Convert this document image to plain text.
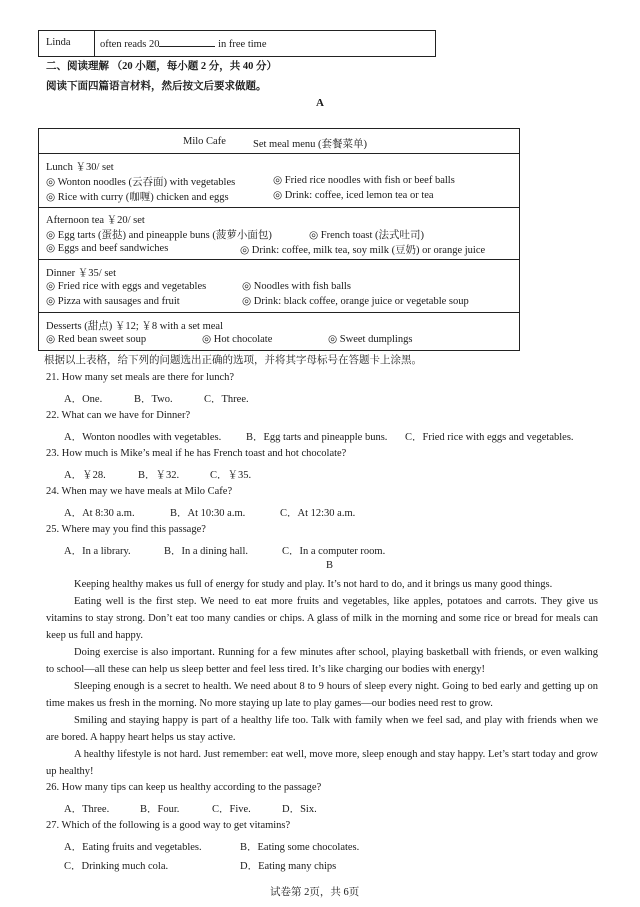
Linda	often reads 20	in free time
二、阅读理解 （20 小题，每小题 2 分，共 40 分）
阅读下面四篇语言材料，然后按文后要求做题。
A
Milo Cafe	Set meal menu (套餐菜单)
Lunch ￥30/ set
◎ Wonton noodles (云吞面) with vegetables	◎ Fried rice noodles with fish or beef balls
◎ Rice with curry (咖喱) chicken and eggs	◎ Drink: coffee, iced lemon tea or tea
Afternoon tea ￥20/ set
◎ Egg tarts (蛋挞) and pineapple buns (菠萝小面包)	◎ French toast (法式吐司)
◎ Eggs and beef sandwiches	◎ Drink: coffee, milk tea, soy milk (豆奶) or orange juice
Dinner ￥35/ set
◎ Fried rice with eggs and vegetables	◎ Noodles with fish balls
◎ Pizza with sausages and fruit	◎ Drink: black coffee, orange juice or vegetable soup
Desserts (甜点) ￥12; ￥8 with a set meal
◎ Red bean sweet soup	◎ Hot chocolate	◎ Sweet dumplings
根据以上表格，给下列的问题选出正确的选项，并将其字母标号在答题卡上涂黑。
21. How many set meals are there for lunch?
A．One.	B．Two.	C．Three.
22. What can we have for Dinner?
A．Wonton noodles with vegetables. B．Egg tarts and pineapple buns. C．Fried rice with eggs and vegetables.
23. How much is Mike’s meal if he has French toast and hot chocolate?
A．￥28.	B．￥32.	C．￥35.
24. When may we have meals at Milo Cafe?
A．At 8:30 a.m.	B．At 10:30 a.m.	C．At 12:30 a.m.
25. Where may you find this passage?
A．In a library.	B．In a dining hall.	C．In a computer room.
B

Keeping healthy makes us full of energy for study and play. It’s not hard to do, and it brings us many good things.

Eating well is the first step. We need to eat more fruits and vegetables, like apples, potatoes and carrots. They give us vitamins to stay strong. Don’t eat too many candies or chips. A glass of milk in the morning and some rice or bread for meals can keep us full and happy.

Doing exercise is also important. Running for a few minutes after school, playing basketball with friends, or even walking to school—all these can help us sleep better and feel less tired. It’s like charging our bodies with energy!

Sleeping enough is a secret to health. We need about 8 to 9 hours of sleep every night. Going to bed early and getting up on time makes us fresh in the morning. No more staying up late to play games—our bodies need rest to grow.

Smiling and staying happy is part of a healthy life too. Talk with family when we feel sad, and play with friends when we are bored. A happy heart helps us stay active.

A healthy lifestyle is not hard. Just remember: eat well, move more, sleep enough and stay happy. Let’s start today and grow up healthy!

26. How many tips can keep us healthy according to the passage?
A．Three.	B．Four.	C．Five.	D．Six.
27. Which of the following is a good way to get vitamins?
A．Eating fruits and vegetables.	B．Eating some chocolates.
C．Drinking much cola.	D．Eating many chips
试卷第 2页，共 6页
